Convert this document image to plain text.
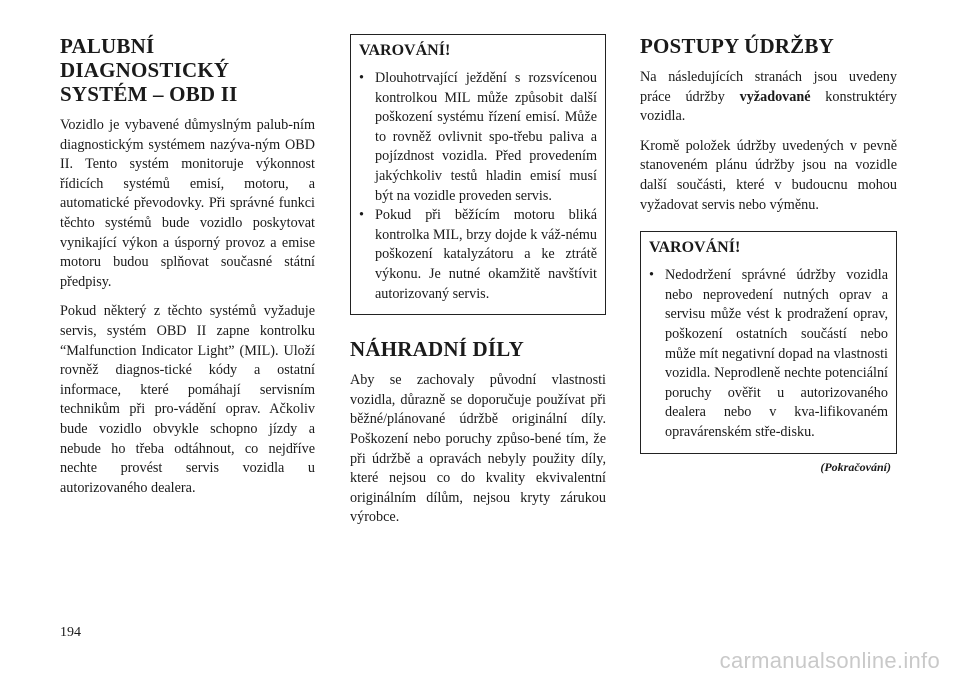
PALUBNÍ
DIAGNOSTICKÝ
SYSTÉM – OBD II

Vozidlo je vybavené důmyslným palub-ním diagnostickým systémem nazýva-ným OBD II. Tento systém monitoruje výkonnost řídicích systémů emisí, motoru, a automatické převodovky. Při správné funkci těchto systémů bude vozidlo poskytovat vynikající výkon a úsporný provoz a emise motoru budou splňovat současné státní předpisy.

Pokud některý z těchto systémů vyžaduje servis, systém OBD II zapne kontrolku “Malfunction Indicator Light” (MIL). Uloží rovněž diagnos-tické kódy a ostatní informace, které pomáhají servisním technikům při pro-vádění oprav. Ačkoliv bude vozidlo obvykle schopno jízdy a nebude ho třeba odtáhnout, co nejdříve nechte provést servis vozidla u autorizovaného dealera.

VAROVÁNÍ!
• Dlouhotrvající ježdění s rozsvícenou kontrolkou MIL může způsobit další poškození systému řízení emisí. Může to rovněž ovlivnit spo-třebu paliva a pojízdnost vozidla. Před provedením jakýchkoliv testů hladin emisí musí být na vozidle proveden servis.
• Pokud při běžícím motoru bliká kontrolka MIL, brzy dojde k váž-nému poškození katalyzátoru a ke ztrátě výkonu. Je nutné okamžitě navštívit autorizovaný servis.
NÁHRADNÍ DÍLY

Aby se zachovaly původní vlastnosti vozidla, důrazně se doporučuje používat při běžné/plánované údržbě originální díly. Poškození nebo poruchy způso-bené tím, že při údržbě a opravách nebyly použity díly, které nejsou co do kvality ekvivalentní originálním dílům, nejsou kryty zárukou výrobce.

POSTUPY ÚDRŽBY

Na následujících stranách jsou uvedeny práce údržby vyžadované konstruktéry vozidla.

Kromě položek údržby uvedených v pevně stanoveném plánu údržby jsou na vozidle další součásti, které v budoucnu mohou vyžadovat servis nebo výměnu.

VAROVÁNÍ!
• Nedodržení správné údržby vozidla nebo neprovedení nutných oprav a servisu může vést k prodražení oprav, poškození ostatních součástí nebo může mít negativní dopad na vlastnosti vozidla. Neprodleně nechte potenciální poruchy ověřit u autorizovaného dealera nebo v kva-lifikovaném opravárenském stře-disku.
(Pokračování)
194
carmanualsonline.info
